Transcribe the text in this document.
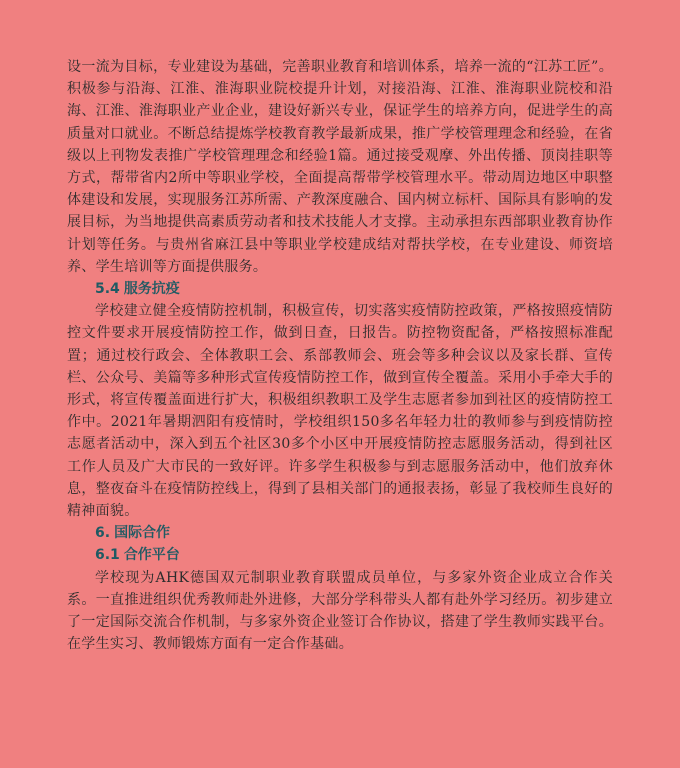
设一流为目标，专业建设为基础，完善职业教育和培训体系，培养一流的“江苏工匠”。积极参与沿海、江淮、淮海职业院校提升计划，对接沿海、江淮、淮海职业院校和沿海、江淮、淮海职业产业企业，建设好新兴专业，保证学生的培养方向，促进学生的高质量对口就业。不断总结提炼学校教育教学最新成果，推广学校管理理念和经验，在省级以上刊物发表推广学校管理理念和经验1篇。通过接受观摩、外出传播、顶岗挂职等方式，帮带省内2所中等职业学校，全面提高帮带学校管理水平。带动周边地区中职整体建设和发展，实现服务江苏所需、产教深度融合、国内树立标杆、国际具有影响的发展目标，为当地提供高素质劳动者和技术技能人才支撑。主动承担东西部职业教育协作计划等任务。与贵州省麻江县中等职业学校建成结对帮扶学校，在专业建设、师资培养、学生培训等方面提供服务。

5.4 服务抗疫

学校建立健全疫情防控机制，积极宣传，切实落实疫情防控政策，严格按照疫情防控文件要求开展疫情防控工作，做到日查，日报告。防控物资配备，严格按照标准配置；通过校行政会、全体教职工会、系部教师会、班会等多种会议以及家长群、宣传栏、公众号、美篇等多种形式宣传疫情防控工作，做到宣传全覆盖。采用小手牵大手的形式，将宣传覆盖面进行扩大，积极组织教职工及学生志愿者参加到社区的疫情防控工作中。2021年暑期泗阳有疫情时，学校组织150多名年轻力壮的教师参与到疫情防控志愿者活动中，深入到五个社区30多个小区中开展疫情防控志愿服务活动，得到社区工作人员及广大市民的一致好评。许多学生积极参与到志愿服务活动中，他们放弃休息，整夜奋斗在疫情防控线上，得到了县相关部门的通报表扬，彰显了我校师生良好的精神面貌。

6. 国际合作
6.1 合作平台

学校现为AHK德国双元制职业教育联盟成员单位，与多家外资企业成立合作关系。一直推进组织优秀教师赴外进修，大部分学科带头人都有赴外学习经历。初步建立了一定国际交流合作机制，与多家外资企业签订合作协议，搭建了学生教师实践平台。在学生实习、教师锻炼方面有一定合作基础。
